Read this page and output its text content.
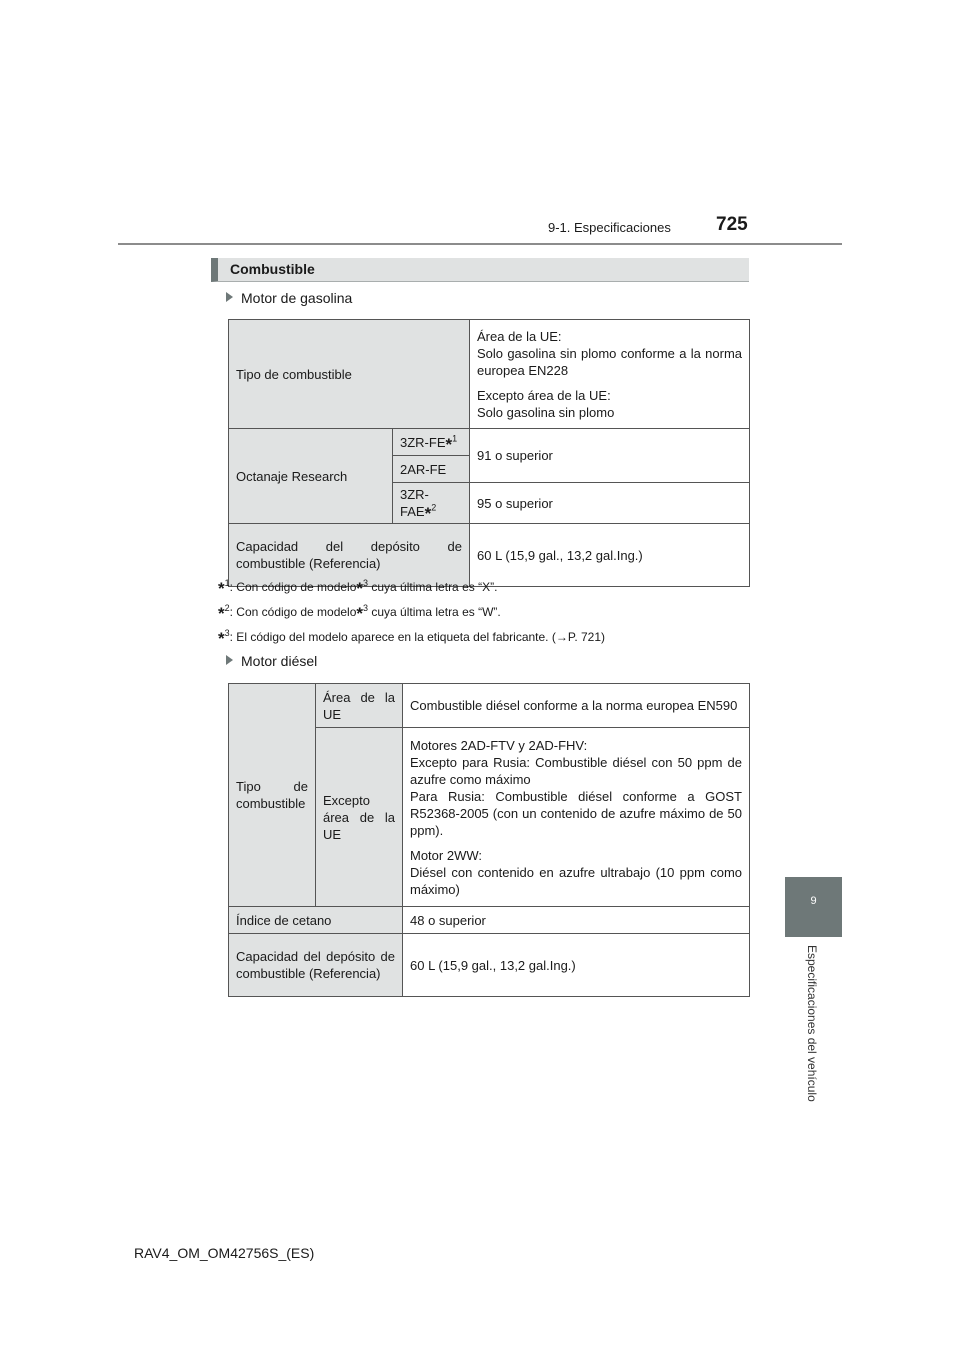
9-1. Especificaciones 725
9
Especificaciones del vehículo
Combustible
Motor de gasolina
Tipo de combustible		Área de la UE:
Solo gasolina sin plomo conforme a la norma europea EN228

Excepto área de la UE:
Solo gasolina sin plomo

Octanaje Research	3ZR-FE*$^1$	91 o superior
	2AR-FE	
	3ZR-FAE*$^2$	95 o superior
Capacidad del depósito de combustible (Referencia)		60 L (15,9 gal., 13,2 gal.Ing.)
*$^1$: Con código de modelo*$^3$ cuya última letra es “X”.
*$^2$: Con código de modelo*$^3$ cuya última letra es “W”.
*$^3$: El código del modelo aparece en la etiqueta del fabricante. (→P. 721)
Motor diésel
Tipo de combustible	Área de la UE	Combustible diésel conforme a la norma europea EN590
	Excepto área de la UE	Motores 2AD-FTV y 2AD-FHV:
Excepto para Rusia: Combustible diésel con 50 ppm de azufre como máximo
Para Rusia: Combustible diésel conforme a GOST R52368-2005 (con un contenido de azufre máximo de 50 ppm).

Motor 2WW:
Diésel con contenido en azufre ultrabajo (10 ppm como máximo)

Índice de cetano		48 o superior
Capacidad del depósito de combustible (Referencia)		60 L (15,9 gal., 13,2 gal.Ing.)
RAV4_OM_OM42756S_(ES)
